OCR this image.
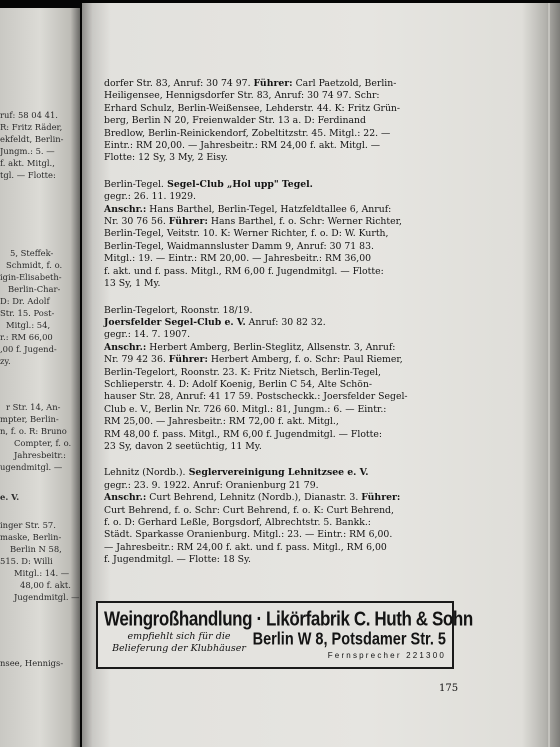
ruf: 58 04 41.
R: Fritz Räder,
ekfeldt, Berlin-
Jungm.: 5. —
f. akt. Mitgl.,
tgl. — Flotte:
5, Steffek-
Schmidt, f. o.
igin-Elisabeth-
Berlin-Char-
D: Dr. Adolf
Str. 15. Post-
Mitgl.: 54,
r.: RM 66,00
,00 f. Jugend-
zy.
r Str. 14, An-
mpter, Berlin-
n, f. o. R: Bruno
Compter, f. o.
Jahresbeitr.:
ugendmitgl. —
e. V.
inger Str. 57.
maske, Berlin-
Berlin N 58,
515. D: Willi
Mitgl.: 14. —
48,00 f. akt.
Jugendmitgl. —
nsee, Hennigs-

dorfer Str. 83, Anruf: 30 74 97. Führer: Carl Paetzold, Berlin-

Heiligensee, Hennigsdorfer Str. 83, Anruf: 30 74 97. Schr:

Erhard Schulz, Berlin-Weißensee, Lehderstr. 44. K: Fritz Grün-

berg, Berlin N 20, Freienwalder Str. 13 a. D: Ferdinand

Bredlow, Berlin-Reinickendorf, Zobeltitzstr. 45. Mitgl.: 22. —

Eintr.: RM 20,00. — Jahresbeitr.: RM 24,00 f. akt. Mitgl. —

Flotte: 12 Sy, 3 My, 2 Eisy.

Berlin-Tegel. Segel-Club „Hol upp" Tegel.

gegr.: 26. 11. 1929.

Anschr.: Hans Barthel, Berlin-Tegel, Hatzfeldtallee 6, Anruf:

Nr. 30 76 56. Führer: Hans Barthel, f. o. Schr: Werner Richter,

Berlin-Tegel, Veitstr. 10. K: Werner Richter, f. o. D: W. Kurth,

Berlin-Tegel, Waidmannsluster Damm 9, Anruf: 30 71 83.

Mitgl.: 19. — Eintr.: RM 20,00. — Jahresbeitr.: RM 36,00

f. akt. und f. pass. Mitgl., RM 6,00 f. Jugendmitgl. — Flotte:

13 Sy, 1 My.

Berlin-Tegelort, Roonstr. 18/19.

Joersfelder Segel-Club e. V. Anruf: 30 82 32.

gegr.: 14. 7. 1907.

Anschr.: Herbert Amberg, Berlin-Steglitz, Allsenstr. 3, Anruf:

Nr. 79 42 36. Führer: Herbert Amberg, f. o. Schr: Paul Riemer,

Berlin-Tegelort, Roonstr. 23. K: Fritz Nietsch, Berlin-Tegel,

Schlieperstr. 4. D: Adolf Koenig, Berlin C 54, Alte Schön-

hauser Str. 28, Anruf: 41 17 59. Postscheckk.: Joersfelder Segel-

Club e. V., Berlin Nr. 726 60. Mitgl.: 81, Jungm.: 6. — Eintr.:

RM 25,00. — Jahresbeitr.: RM 72,00 f. akt. Mitgl.,

RM 48,00 f. pass. Mitgl., RM 6,00 f. Jugendmitgl. — Flotte:

23 Sy, davon 2 seetüchtig, 11 My.

Lehnitz (Nordb.). Seglervereinigung Lehnitzsee e. V.

gegr.: 23. 9. 1922. Anruf: Oranienburg 21 79.

Anschr.: Curt Behrend, Lehnitz (Nordb.), Dianastr. 3. Führer:

Curt Behrend, f. o. Schr: Curt Behrend, f. o. K: Curt Behrend,

f. o. D: Gerhard Leßle, Borgsdorf, Albrechtstr. 5. Bankk.:

Städt. Sparkasse Oranienburg. Mitgl.: 23. — Eintr.: RM 6,00.

— Jahresbeitr.: RM 24,00 f. akt. und f. pass. Mitgl., RM 6,00

f. Jugendmitgl. — Flotte: 18 Sy.

Weingroßhandlung · Likörfabrik C. Huth & Sohn
empfiehlt sich für die Belieferung der Klubhäuser Berlin W 8, Potsdamer Str. 5
Fernsprecher 221300
175
